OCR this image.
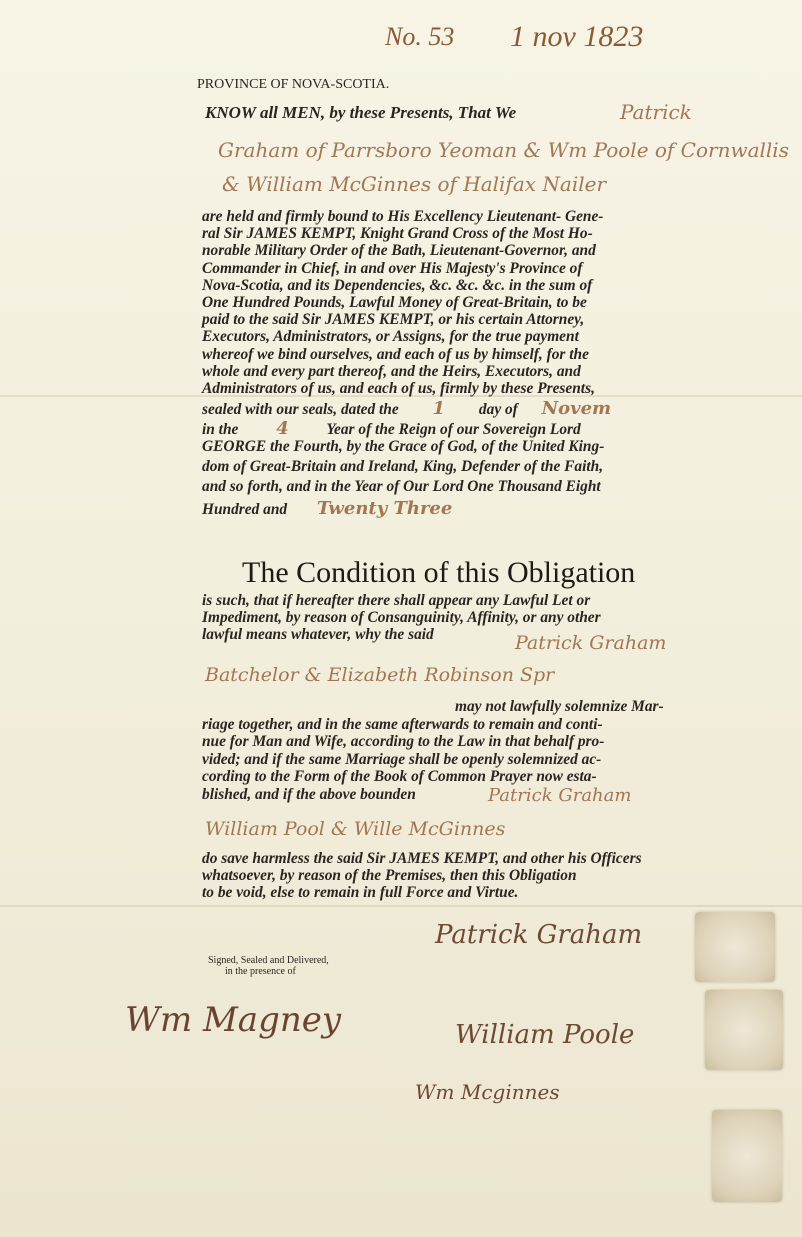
No. 53 1 nov 1823
PROVINCE OF NOVA-SCOTIA.
KNOW all MEN, by these Presents, That We	Patrick
Graham of Parrsboro Yeoman & Wm Poole of Cornwallis
& William McGinnes of Halifax Nailer
are held and firmly bound to His Excellency Lieutenant- Gene-
ral Sir JAMES KEMPT, Knight Grand Cross of the Most Ho-
norable Military Order of the Bath, Lieutenant-Governor, and
Commander in Chief, in and over His Majesty's Province of
Nova-Scotia, and its Dependencies, &c. &c. &c. in the sum of
One Hundred Pounds, Lawful Money of Great-Britain, to be
paid to the said Sir JAMES KEMPT, or his certain Attorney,
Executors, Administrators, or Assigns, for the true payment
whereof we bind ourselves, and each of us by himself, for the
whole and every part thereof, and the Heirs, Executors, and
Administrators of us, and each of us, firmly by these Presents,
sealed with our seals, dated the 1 day of Novem
in the 4 Year of the Reign of our Sovereign Lord
GEORGE the Fourth, by the Grace of God, of the United King-
dom of Great-Britain and Ireland, King, Defender of the Faith,
and so forth, and in the Year of Our Lord One Thousand Eight
Hundred and Twenty Three
The Condition of this Obligation
is such, that if hereafter there shall appear any Lawful Let or
Impediment, by reason of Consanguinity, Affinity, or any other
lawful means whatever, why the said	Patrick Graham
Batchelor & Elizabeth Robinson Spr
may not lawfully solemnize Mar-
riage together, and in the same afterwards to remain and conti-
nue for Man and Wife, according to the Law in that behalf pro-
vided; and if the same Marriage shall be openly solemnized ac-
cording to the Form of the Book of Common Prayer now esta-
blished, and if the above bounden	Patrick Graham
William Pool & Wille McGinnes
do save harmless the said Sir JAMES KEMPT, and other his Officers
whatsoever, by reason of the Premises, then this Obligation
to be void, else to remain in full Force and Virtue.
Signed, Sealed and Delivered,
in the presence of
Patrick Graham
William Poole
Wm Magney
Wm Mcginnes
